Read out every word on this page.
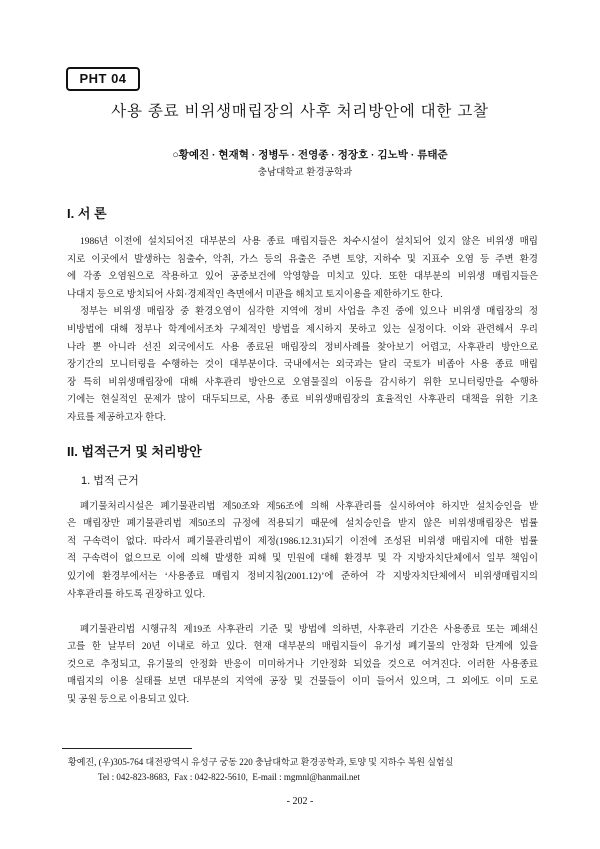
PHT 04
사용 종료 비위생매립장의 사후 처리방안에 대한 고찰
○황예진 · 현재혁 · 정병두 · 전영종 · 정장호 · 김노박 · 류태준
충남대학교 환경공학과
I. 서 론
1986년 이전에 설치되어진 대부분의 사용 종료 매립지들은 차수시설이 설치되어 있지 않은 비위생 매립
지로 이곳에서 발생하는 침출수, 악취, 가스 등의 유출은 주변 토양, 지하수 및 지표수 오염 등 주변 환경
에 각종 오염원으로 작용하고 있어 공중보건에 악영향을 미치고 있다. 또한 대부분의 비위생 매립지들은
나대지 등으로 방치되어 사회·경제적인 측면에서 미관을 해치고 토지이용을 제한하기도 한다.
정부는 비위생 매립장 중 환경오염이 심각한 지역에 정비 사업을 추진 중에 있으나 비위생 매립장의 정
비방법에 대해 정부나 학계에서조차 구체적인 방법을 제시하지 못하고 있는 실정이다. 이와 관련해서 우리
나라 뿐 아니라 선진 외국에서도 사용 종료된 매립장의 정비사례를 찾아보기 어렵고, 사후관리 방안으로
장기간의 모니터링을 수행하는 것이 대부분이다. 국내에서는 외국과는 달리 국토가 비좁아 사용 종료 매립
장 특히 비위생매립장에 대해 사후관리 방안으로 오염물질의 이동을 감시하기 위한 모니터링만을 수행하
기에는 현실적인 문제가 많이 대두되므로, 사용 종료 비위생매립장의 효율적인 사후관리 대책을 위한 기초
자료를 제공하고자 한다.
II. 법적근거 및 처리방안
1. 법적 근거
폐기물처리시설은 폐기물관리법 제50조와 제56조에 의해 사후관리를 실시하여야 하지만 설치승인을 받
은 매립장만 폐기물관리법 제50조의 규정에 적용되기 때문에 설치승인을 받지 않은 비위생매립장은 법률
적 구속력이 없다. 따라서 폐기물관리법이 제정(1986.12.31)되기 이전에 조성된 비위생 매립지에 대한 법률
적 구속력이 없으므로 이에 의해 발생한 피해 및 민원에 대해 환경부 및 각 지방자치단체에서 일부 책임이
있기에 환경부에서는 ‘사용종료 매립지 정비지침(2001.12)’에 준하여 각 지방자치단체에서 비위생매립지의
사후관리를 하도록 권장하고 있다.
폐기물관리법 시행규칙 제19조 사후관리 기준 및 방법에 의하면, 사후관리 기간은 사용종료 또는 폐쇄신
고를 한 날부터 20년 이내로 하고 있다. 현재 대부분의 매립지들이 유기성 폐기물의 안정화 단계에 있을
것으로 추정되고, 유기물의 안정화 반응이 미미하거나 기안정화 되었을 것으로 여겨진다. 이러한 사용종료
매립지의 이용 실태를 보면 대부분의 지역에 공장 및 건물들이 이미 들어서 있으며, 그 외에도 이미 도로
및 공원 등으로 이용되고 있다.
황예진, (우)305-764 대전광역시 유성구 궁동 220 충남대학교 환경공학과, 토양 및 지하수 복원 실험실
Tel : 042-823-8683,  Fax : 042-822-5610,  E-mail : mgmnl@hanmail.net
- 202 -
